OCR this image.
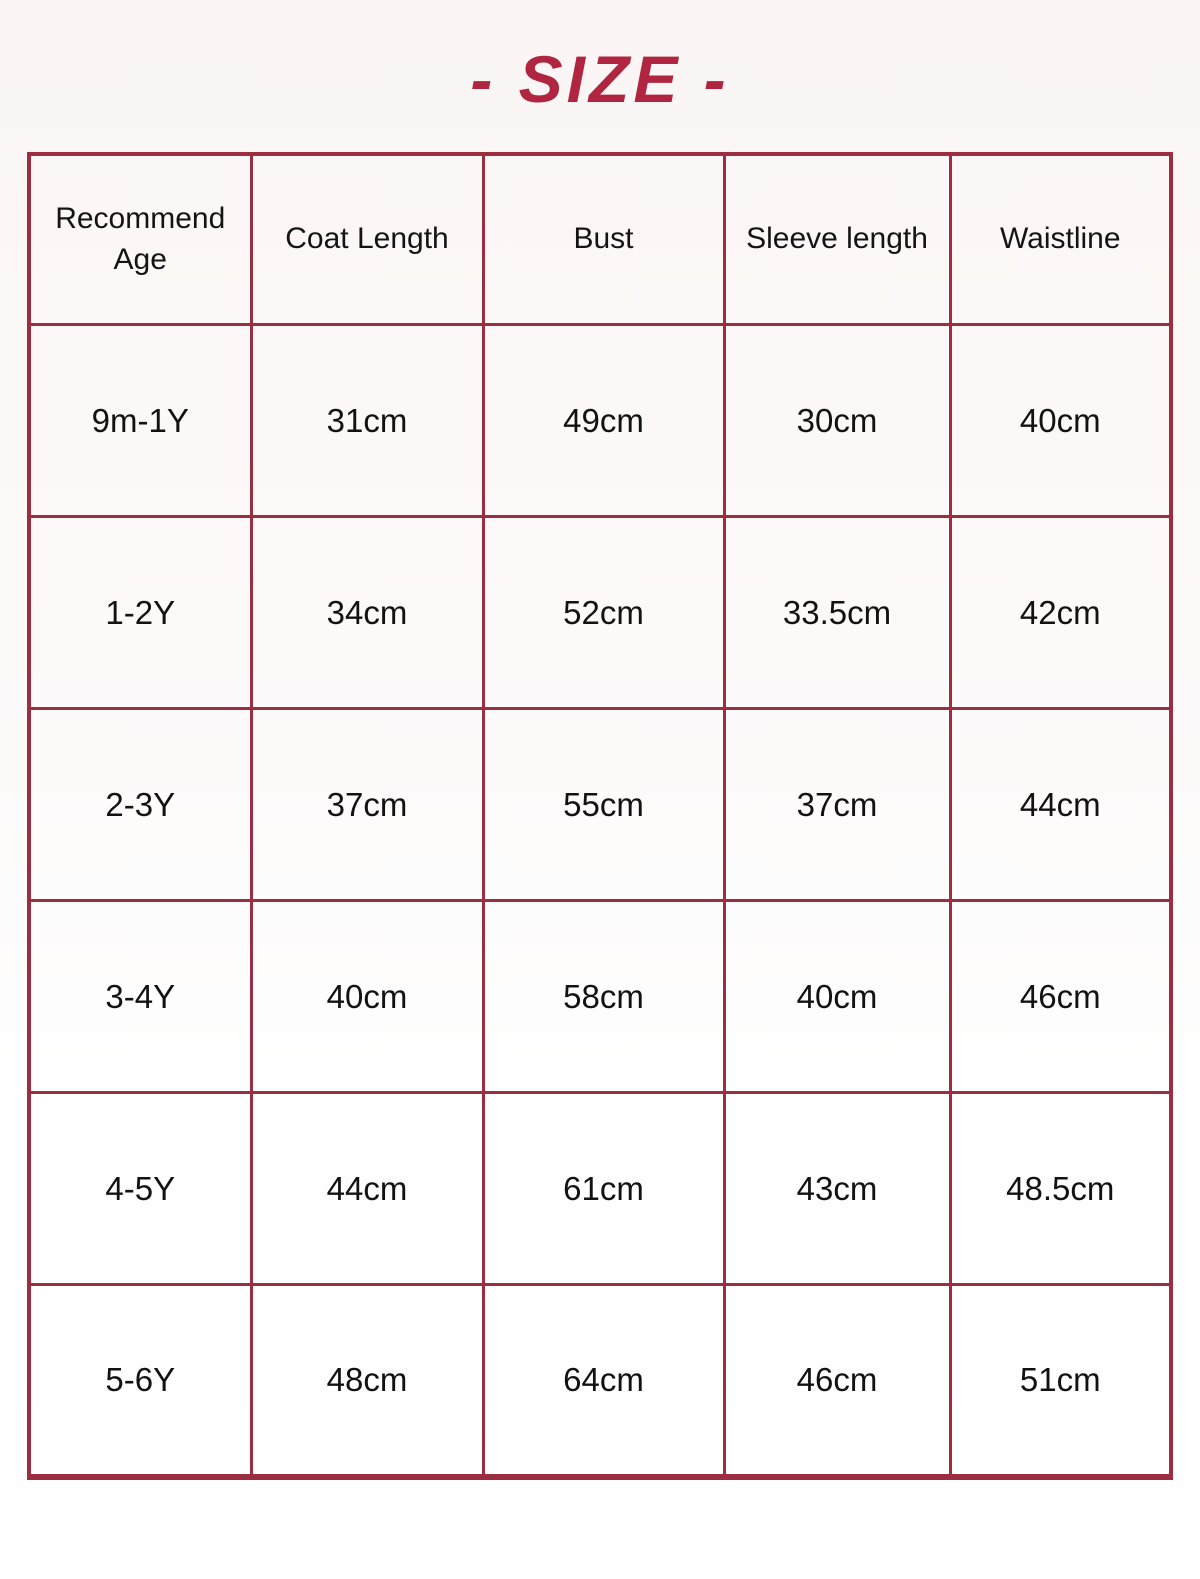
- SIZE -
Recommend Age	Coat Length	Bust	Sleeve length	Waistline
9m-1Y	31cm	49cm	30cm	40cm
1-2Y	34cm	52cm	33.5cm	42cm
2-3Y	37cm	55cm	37cm	44cm
3-4Y	40cm	58cm	40cm	46cm
4-5Y	44cm	61cm	43cm	48.5cm
5-6Y	48cm	64cm	46cm	51cm
